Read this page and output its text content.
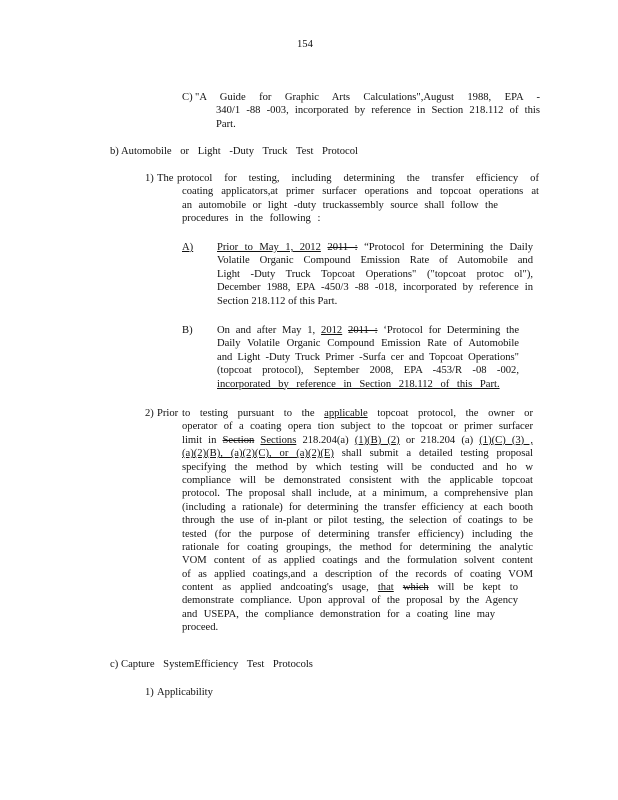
154
C) "A Guide for Graphic Arts Calculations",August 1988, EPA -

340/1 -88 -003, incorporated by reference in Section 218.112 of this

Part.

b) Automobile or Light -Duty Truck Test Protocol
1) The protocol for testing, including determining the transfer efficiency of

coating applicators,at primer surfacer operations and topcoat operations at

an automobile or light -duty truckassembly source shall follow the

procedures in the following :

A) Prior to May 1, 2012 2011 : “Protocol for Determining the Daily

Volatile Organic Compound Emission Rate of Automobile and

Light -Duty Truck Topcoat Operations" ("topcoat protoc ol"),

December 1988, EPA -450/3 -88 -018, incorporated by reference in

Section 218.112 of this Part.

B) On and after May 1, 2012 2011 : ‘Protocol for Determining the

Daily Volatile Organic Compound Emission Rate of Automobile

and Light -Duty Truck Primer -Surfa cer and Topcoat Operations"

(topcoat protocol), September 2008, EPA -453/R -08 -002,

incorporated by reference in Section 218.112 of this Part.

2) Prior to testing pursuant to the applicable topcoat protocol, the owner or

operator of a coating opera tion subject to the topcoat or primer surfacer

limit in Section Sections 218.204(a) (1)(B) (2) or 218.204 (a) (1)(C) (3) ,

(a)(2)(B), (a)(2)(C), or (a)(2)(E) shall submit a detailed testing proposal

specifying the method by which testing will be conducted and ho w

compliance will be demonstrated consistent with the applicable topcoat

protocol. The proposal shall include, at a minimum, a comprehensive plan

(including a rationale) for determining the transfer efficiency at each booth

through the use of in-plant or pilot testing, the selection of coatings to be

tested (for the purpose of determining transfer efficiency) including the

rationale for coating groupings, the method for determining the analytic

VOM content of as applied coatings and the formulation solvent content

of as applied coatings,and a description of the records of coating VOM

content as applied andcoating's usage, that which will be kept to

demonstrate compliance. Upon approval of the proposal by the Agency

and USEPA, the compliance demonstration for a coating line may

proceed.

c) Capture SystemEfficiency Test Protocols
1) Applicability
